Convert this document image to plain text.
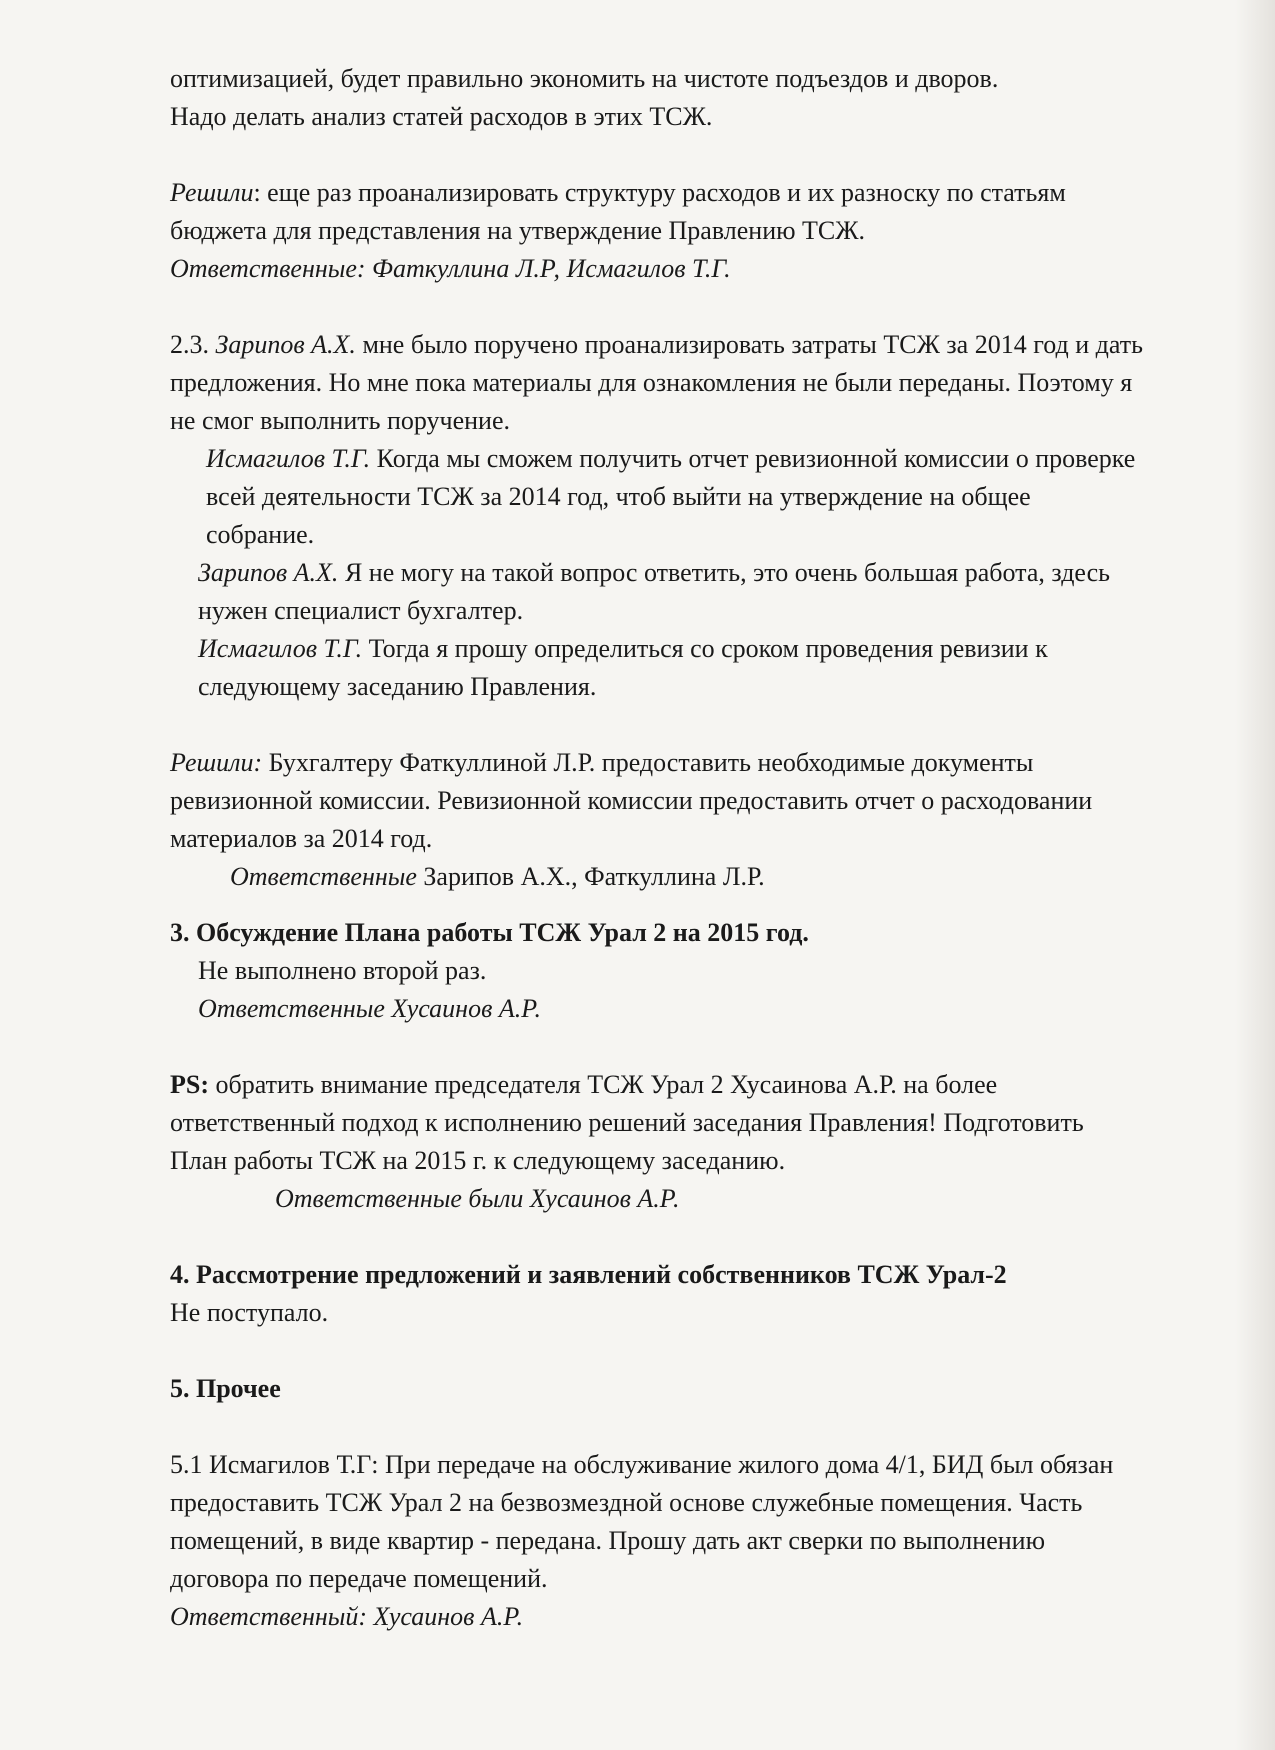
оптимизацией, будет правильно экономить на чистоте подъездов и дворов.

Надо делать анализ статей расходов в этих ТСЖ.

Решили: еще раз проанализировать структуру расходов и их разноску по статьям бюджета для представления на утверждение Правлению ТСЖ.

Ответственные: Фаткуллина Л.Р, Исмагилов Т.Г.

2.3. Зарипов А.Х. мне было поручено проанализировать затраты ТСЖ за 2014 год и дать предложения. Но мне пока материалы для ознакомления не были переданы. Поэтому я не смог выполнить поручение.

Исмагилов Т.Г. Когда мы сможем получить отчет ревизионной комиссии о проверке всей деятельности ТСЖ за 2014 год, чтоб выйти на утверждение на общее собрание.

Зарипов А.Х. Я не могу на такой вопрос ответить, это очень большая работа, здесь нужен специалист бухгалтер.

Исмагилов Т.Г. Тогда я прошу определиться со сроком проведения ревизии к следующему заседанию Правления.

Решили: Бухгалтеру Фаткуллиной Л.Р. предоставить необходимые документы ревизионной комиссии. Ревизионной комиссии предоставить отчет о расходовании материалов за 2014 год.

Ответственные Зарипов А.Х., Фаткуллина Л.Р.

3. Обсуждение Плана работы ТСЖ Урал 2 на 2015 год.

Не выполнено второй раз.

Ответственные Хусаинов А.Р.

PS: обратить внимание председателя ТСЖ Урал 2 Хусаинова А.Р. на более ответственный подход к исполнению решений заседания Правления! Подготовить План работы ТСЖ на 2015 г. к следующему заседанию.

Ответственные были Хусаинов А.Р.

4. Рассмотрение предложений и заявлений собственников ТСЖ Урал-2

Не поступало.

5. Прочее

5.1 Исмагилов Т.Г: При передаче на обслуживание жилого дома 4/1, БИД был обязан предоставить ТСЖ Урал 2 на безвозмездной основе служебные помещения. Часть помещений, в виде квартир - передана. Прошу дать акт сверки по выполнению договора по передаче помещений.

Ответственный: Хусаинов А.Р.
